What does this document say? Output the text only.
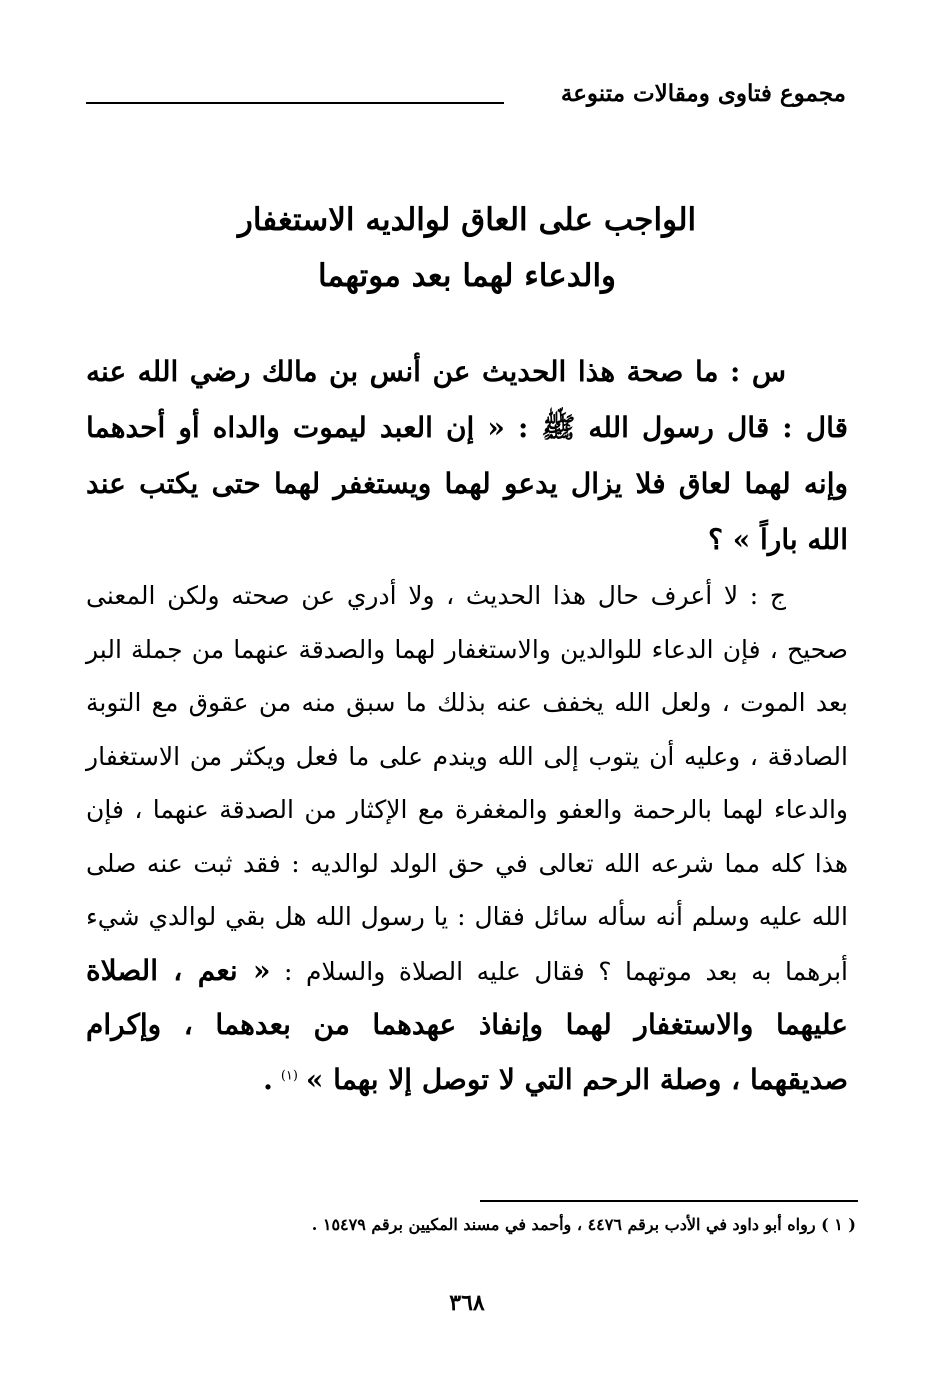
مجموع فتاوى ومقالات متنوعة
الواجب على العاق لوالديه الاستغفار
والدعاء لهما بعد موتهما
س : ما صحة هذا الحديث عن أنس بن مالك رضي الله عنه قال : قال رسول الله ﷺ : « إن العبد ليموت والداه أو أحدهما وإنه لهما لعاق فلا يزال يدعو لهما ويستغفر لهما حتى يكتب عند الله باراً » ؟
ج : لا أعرف حال هذا الحديث ، ولا أدري عن صحته ولكن المعنى صحيح ، فإن الدعاء للوالدين والاستغفار لهما والصدقة عنهما من جملة البر بعد الموت ، ولعل الله يخفف عنه بذلك ما سبق منه من عقوق مع التوبة الصادقة ، وعليه أن يتوب إلى الله ويندم على ما فعل ويكثر من الاستغفار والدعاء لهما بالرحمة والعفو والمغفرة مع الإكثار من الصدقة عنهما ، فإن هذا كله مما شرعه الله تعالى في حق الولد لوالديه : فقد ثبت عنه صلى الله عليه وسلم أنه سأله سائل فقال : يا رسول الله هل بقي لوالدي شيء أبرهما به بعد موتهما ؟ فقال عليه الصلاة والسلام : « نعم ، الصلاة عليهما والاستغفار لهما وإنفاذ عهدهما من بعدهما ، وإكرام صديقهما ، وصلة الرحم التي لا توصل إلا بهما » $^{(١)}$ .
( ١ ) رواه أبو داود في الأدب برقم ٤٤٧٦ ، وأحمد في مسند المكيين برقم ١٥٤٧٩ .
٣٦٨
